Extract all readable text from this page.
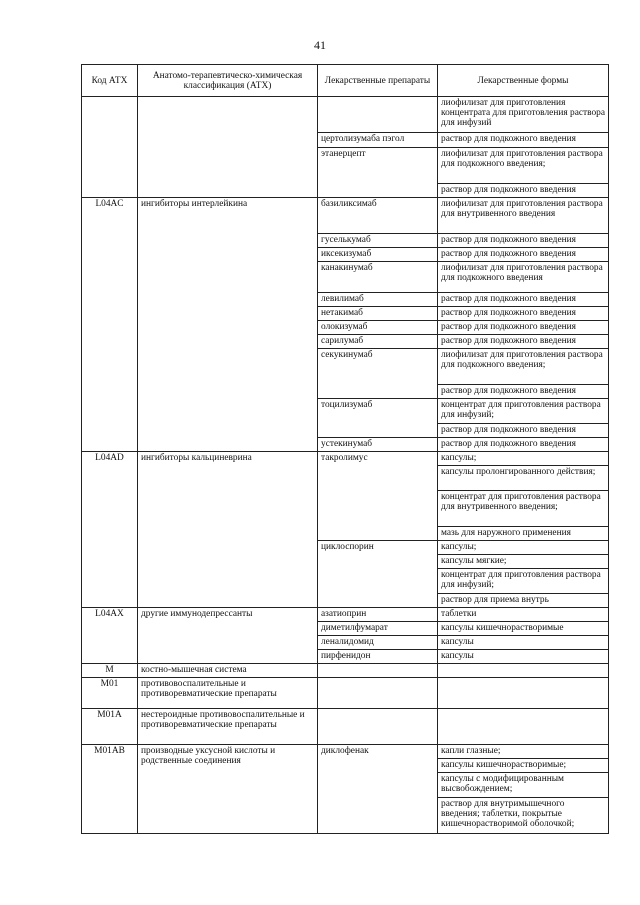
41
Код АТХ	Анатомо-терапевтическо-химическая классификация (АТХ)	Лекарственные препараты	Лекарственные формы

			лиофилизат для приготовления концентрата для приготовления раствора для инфузий

		цертолизумаба пэгол	раствор для подкожного введения

		этанерцепт	лиофилизат для приготовления раствора для подкожного введения;

			раствор для подкожного введения

L04AC	ингибиторы интерлейкина	базиликсимаб	лиофилизат для приготовления раствора для внутривенного введения

		гуселькумаб	раствор для подкожного введения

		иксекизумаб	раствор для подкожного введения

		канакинумаб	лиофилизат для приготовления раствора для подкожного введения

		левилимаб	раствор для подкожного введения

		нетакимаб	раствор для подкожного введения

		олокизумаб	раствор для подкожного введения

		сарилумаб	раствор для подкожного введения

		секукинумаб	лиофилизат для приготовления раствора для подкожного введения;

			раствор для подкожного введения

		тоцилизумаб	концентрат для приготовления раствора для инфузий;

			раствор для подкожного введения

		устекинумаб	раствор для подкожного введения

L04AD	ингибиторы кальциневрина	такролимус	капсулы;

			капсулы пролонгированного действия;

			концентрат для приготовления раствора для внутривенного введения;

			мазь для наружного применения

		циклоспорин	капсулы;

			капсулы мягкие;

			концентрат для приготовления раствора для инфузий;

			раствор для приема внутрь

L04AX	другие иммунодепрессанты	азатиоприн	таблетки

		диметилфумарат	капсулы кишечнорастворимые

		леналидомид	капсулы

		пирфенидон	капсулы

M	костно-мышечная система		

M01	противовоспалительные и противоревматические препараты		

M01A	нестероидные противовоспалительные и противоревматические препараты		

M01AB	производные уксусной кислоты и родственные соединения	диклофенак	капли глазные;

			капсулы кишечнорастворимые;

			капсулы с модифицированным высвобождением;

			раствор для внутримышечного введения; таблетки, покрытые кишечнорастворимой оболочкой;
